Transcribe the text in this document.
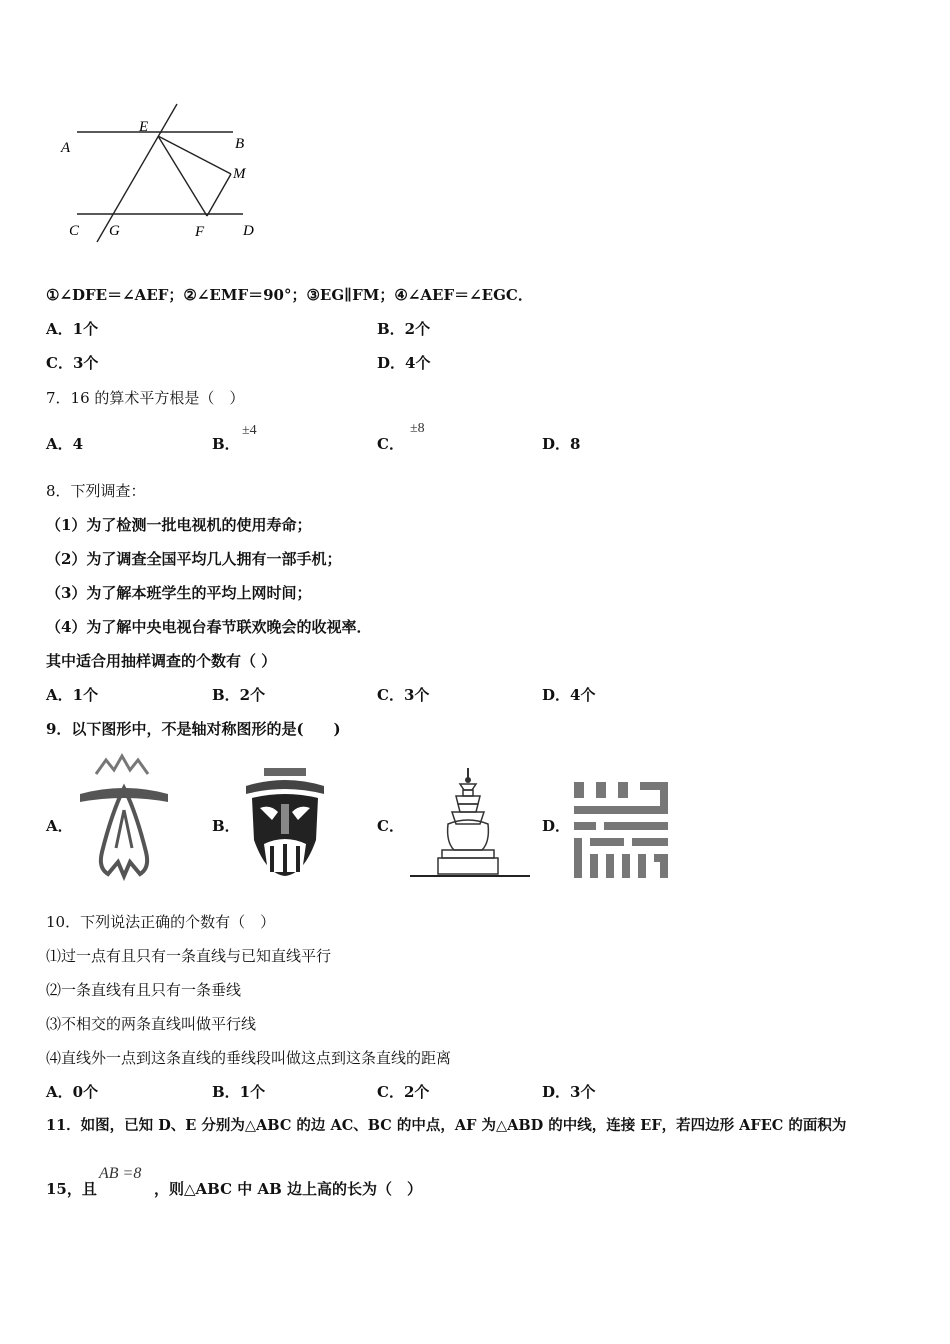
A
E
B
M
C G	F	D
①∠DFE＝∠AEF；②∠EMF＝90°；③EG∥FM；④∠AEF＝∠EGC．
A．1个	B．2个
C．3个	D．4个
7．16 的算术平方根是（　）
A．4	B．
±4
C．
±8
D．8
8．下列调查：
（1）为了检测一批电视机的使用寿命；
（2）为了调查全国平均几人拥有一部手机；
（3）为了解本班学生的平均上网时间；
（4）为了解中央电视台春节联欢晚会的收视率．
其中适合用抽样调查的个数有（ ）
A．1个	B．2个	C．3个	D．4个
9．以下图形中，不是轴对称图形的是(　　)
A．	B．	C．	D．
10．下列说法正确的个数有（　）
⑴过一点有且只有一条直线与已知直线平行
⑵一条直线有且只有一条垂线
⑶不相交的两条直线叫做平行线
⑷直线外一点到这条直线的垂线段叫做这点到这条直线的距离
A．0个	B．1个	C．2个	D．3个
11．如图，已知 D、E 分别为△ABC 的边 AC、BC 的中点，AF 为△ABD 的中线，连接 EF，若四边形 AFEC 的面积为
15，且
AB =8
，则△ABC 中 AB 边上高的长为（　）
